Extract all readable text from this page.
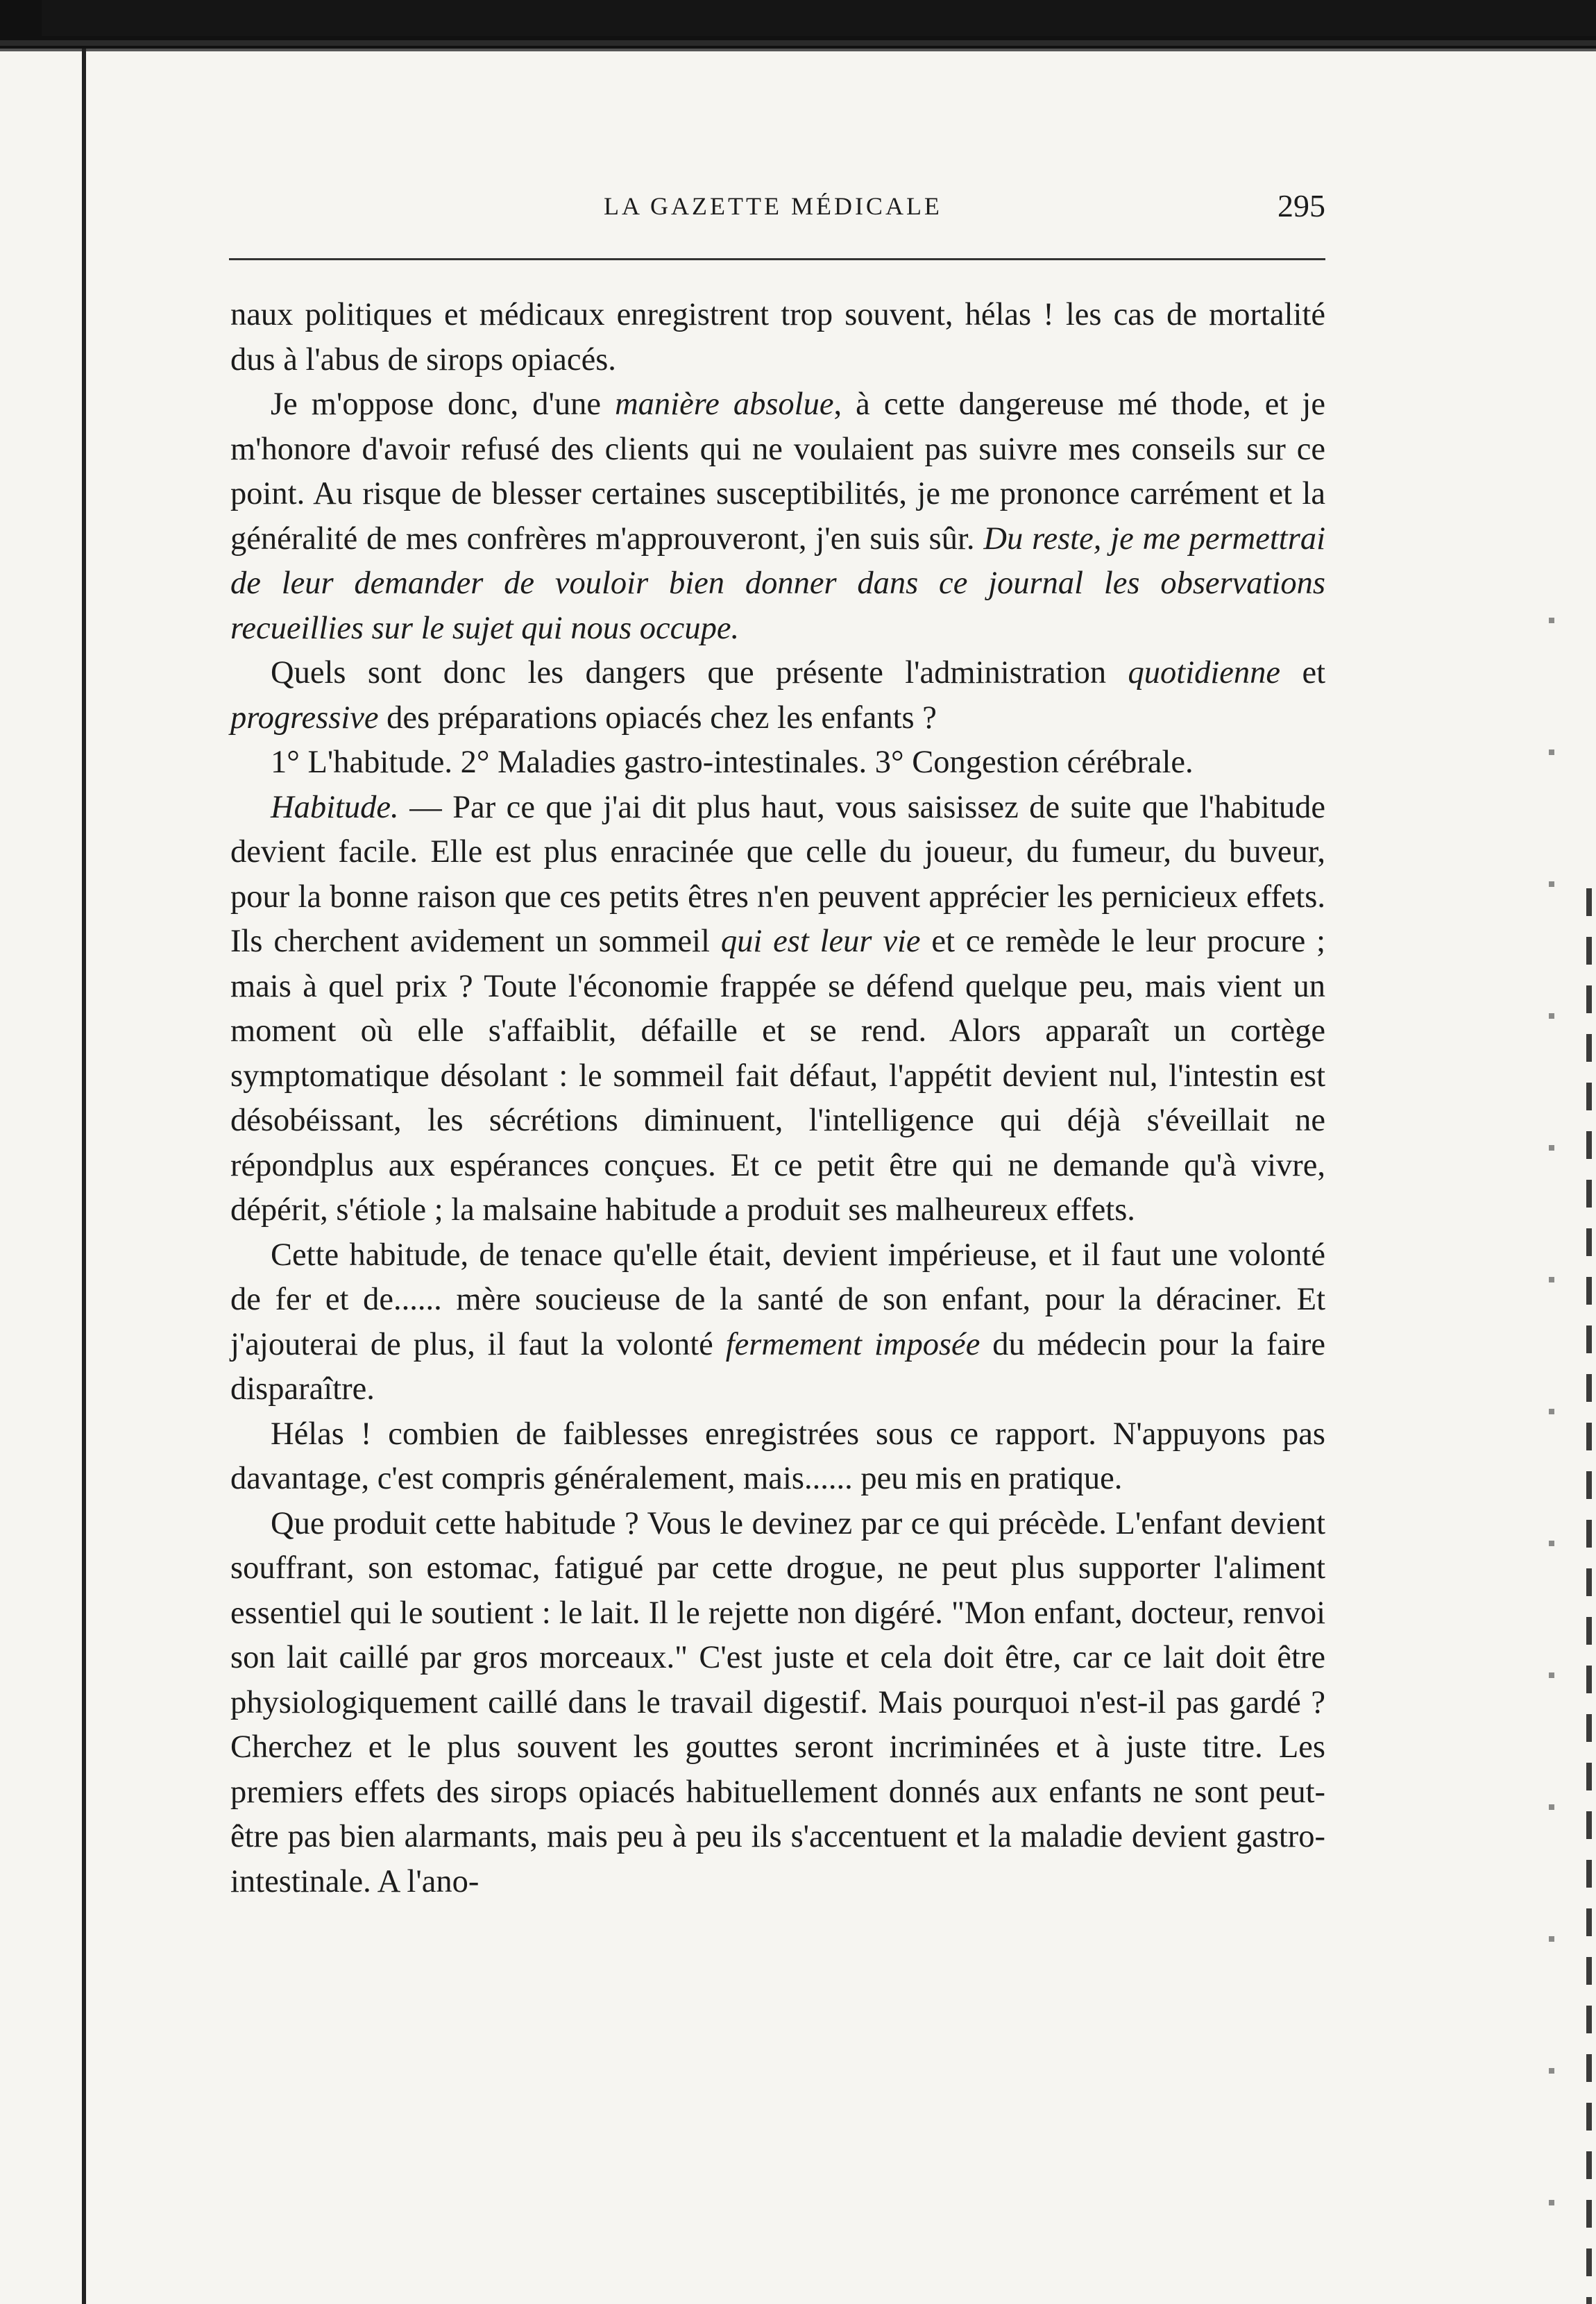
LA GAZETTE MÉDICALE	295

naux politiques et médicaux enregistrent trop souvent, hélas ! les cas de mortalité dus à l'abus de sirops opiacés.

Je m'oppose donc, d'une manière absolue, à cette dangereuse mé thode, et je m'honore d'avoir refusé des clients qui ne voulaient pas suivre mes conseils sur ce point. Au risque de blesser certaines susceptibilités, je me prononce carrément et la généralité de mes confrères m'approuveront, j'en suis sûr. Du reste, je me permettrai de leur demander de vouloir bien donner dans ce journal les observations recueillies sur le sujet qui nous occupe.

Quels sont donc les dangers que présente l'administration quotidienne et progressive des préparations opiacés chez les enfants ?

1° L'habitude. 2° Maladies gastro-intestinales. 3° Congestion cérébrale.

Habitude. — Par ce que j'ai dit plus haut, vous saisissez de suite que l'habitude devient facile. Elle est plus enracinée que celle du joueur, du fumeur, du buveur, pour la bonne raison que ces petits êtres n'en peuvent apprécier les pernicieux effets. Ils cherchent avidement un sommeil qui est leur vie et ce remède le leur procure ; mais à quel prix ? Toute l'économie frappée se défend quelque peu, mais vient un moment où elle s'affaiblit, défaille et se rend. Alors apparaît un cortège symptomatique désolant : le sommeil fait défaut, l'appétit devient nul, l'intestin est désobéissant, les sécrétions diminuent, l'intelligence qui déjà s'éveillait ne répondplus aux espérances conçues. Et ce petit être qui ne demande qu'à vivre, dépérit, s'étiole ; la malsaine habitude a produit ses malheureux effets.

Cette habitude, de tenace qu'elle était, devient impérieuse, et il faut une volonté de fer et de...... mère soucieuse de la santé de son enfant, pour la déraciner. Et j'ajouterai de plus, il faut la volonté fermement imposée du médecin pour la faire disparaître.

Hélas ! combien de faiblesses enregistrées sous ce rapport. N'appuyons pas davantage, c'est compris généralement, mais...... peu mis en pratique.

Que produit cette habitude ? Vous le devinez par ce qui précède. L'enfant devient souffrant, son estomac, fatigué par cette drogue, ne peut plus supporter l'aliment essentiel qui le soutient : le lait. Il le rejette non digéré. "Mon enfant, docteur, renvoi son lait caillé par gros morceaux." C'est juste et cela doit être, car ce lait doit être physiologiquement caillé dans le travail digestif. Mais pourquoi n'est-il pas gardé ? Cherchez et le plus souvent les gouttes seront incriminées et à juste titre. Les premiers effets des sirops opiacés habituellement donnés aux enfants ne sont peut-être pas bien alarmants, mais peu à peu ils s'accentuent et la maladie devient gastro-intestinale. A l'ano-
